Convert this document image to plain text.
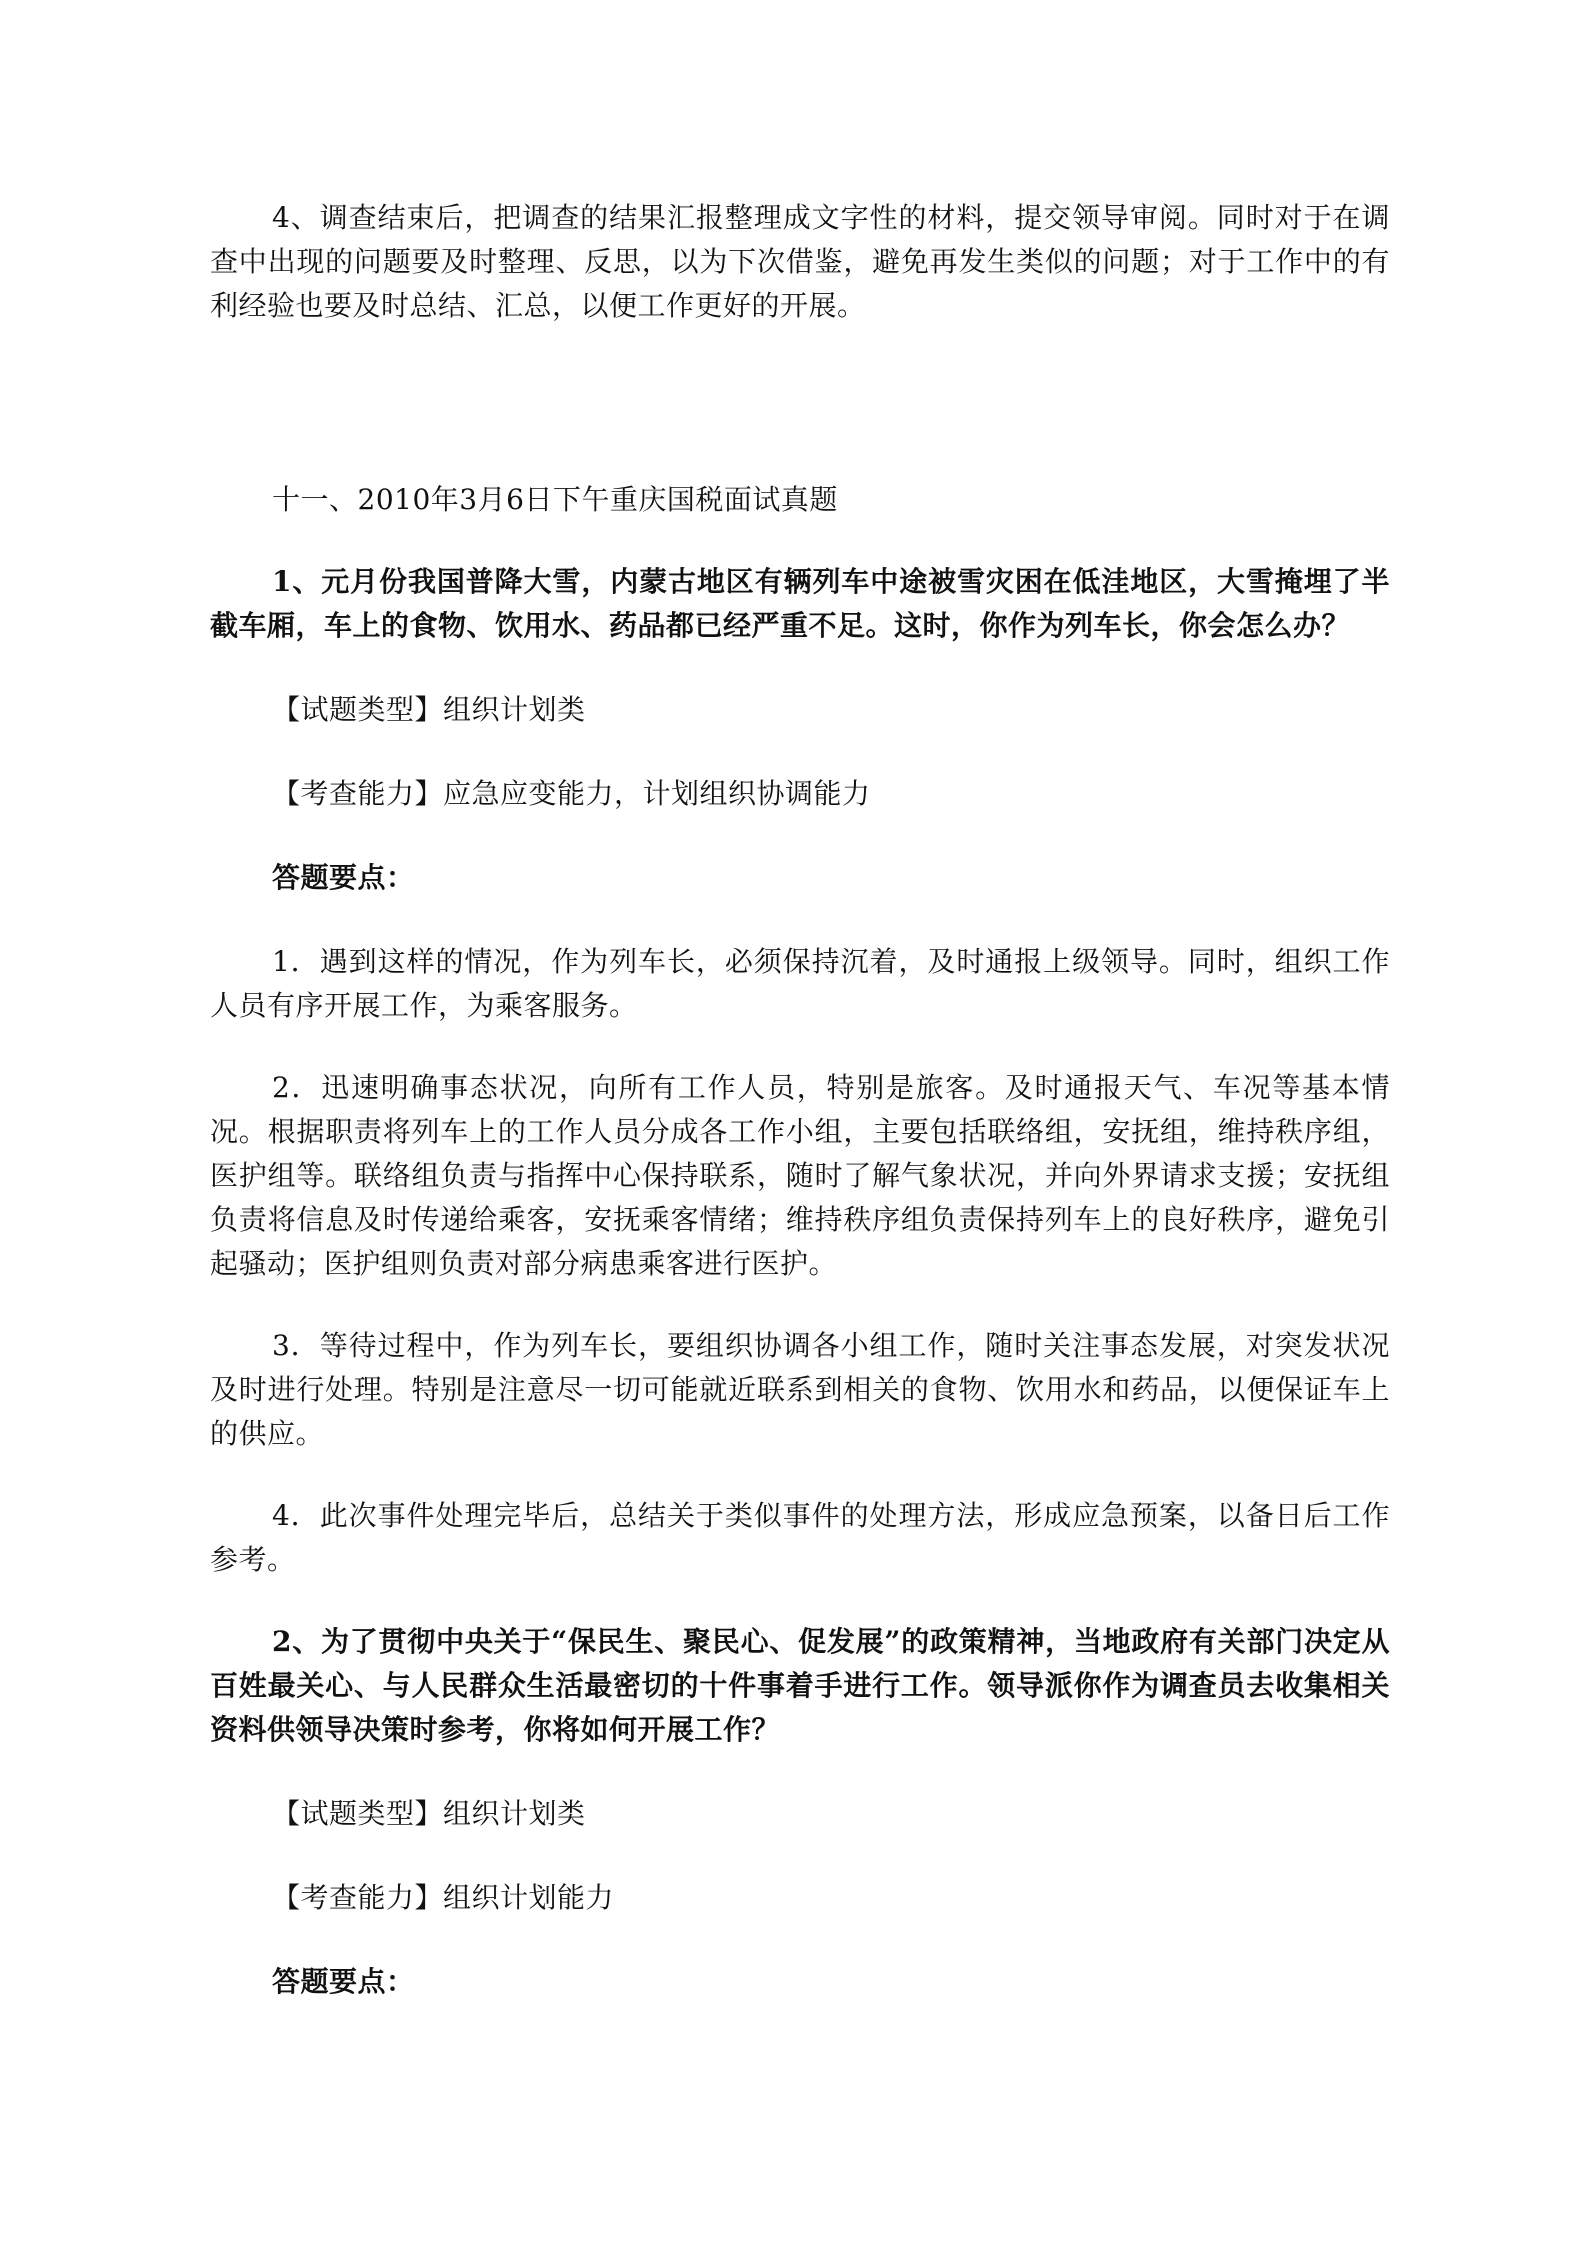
4、调查结束后，把调查的结果汇报整理成文字性的材料，提交领导审阅。同时对于在调查中出现的问题要及时整理、反思，以为下次借鉴，避免再发生类似的问题；对于工作中的有利经验也要及时总结、汇总，以便工作更好的开展。

十一、2010年3月6日下午重庆国税面试真题

1、元月份我国普降大雪，内蒙古地区有辆列车中途被雪灾困在低洼地区，大雪掩埋了半截车厢，车上的食物、饮用水、药品都已经严重不足。这时，你作为列车长，你会怎么办？

【试题类型】组织计划类

【考查能力】应急应变能力，计划组织协调能力

答题要点：

1．遇到这样的情况，作为列车长，必须保持沉着，及时通报上级领导。同时，组织工作人员有序开展工作，为乘客服务。

2．迅速明确事态状况，向所有工作人员，特别是旅客。及时通报天气、车况等基本情况。根据职责将列车上的工作人员分成各工作小组，主要包括联络组，安抚组，维持秩序组，医护组等。联络组负责与指挥中心保持联系，随时了解气象状况，并向外界请求支援；安抚组负责将信息及时传递给乘客，安抚乘客情绪；维持秩序组负责保持列车上的良好秩序，避免引起骚动；医护组则负责对部分病患乘客进行医护。

3．等待过程中，作为列车长，要组织协调各小组工作，随时关注事态发展，对突发状况及时进行处理。特别是注意尽一切可能就近联系到相关的食物、饮用水和药品，以便保证车上的供应。

4．此次事件处理完毕后，总结关于类似事件的处理方法，形成应急预案，以备日后工作参考。

2、为了贯彻中央关于“保民生、聚民心、促发展”的政策精神，当地政府有关部门决定从百姓最关心、与人民群众生活最密切的十件事着手进行工作。领导派你作为调查员去收集相关资料供领导决策时参考，你将如何开展工作？

【试题类型】组织计划类

【考查能力】组织计划能力

答题要点：
